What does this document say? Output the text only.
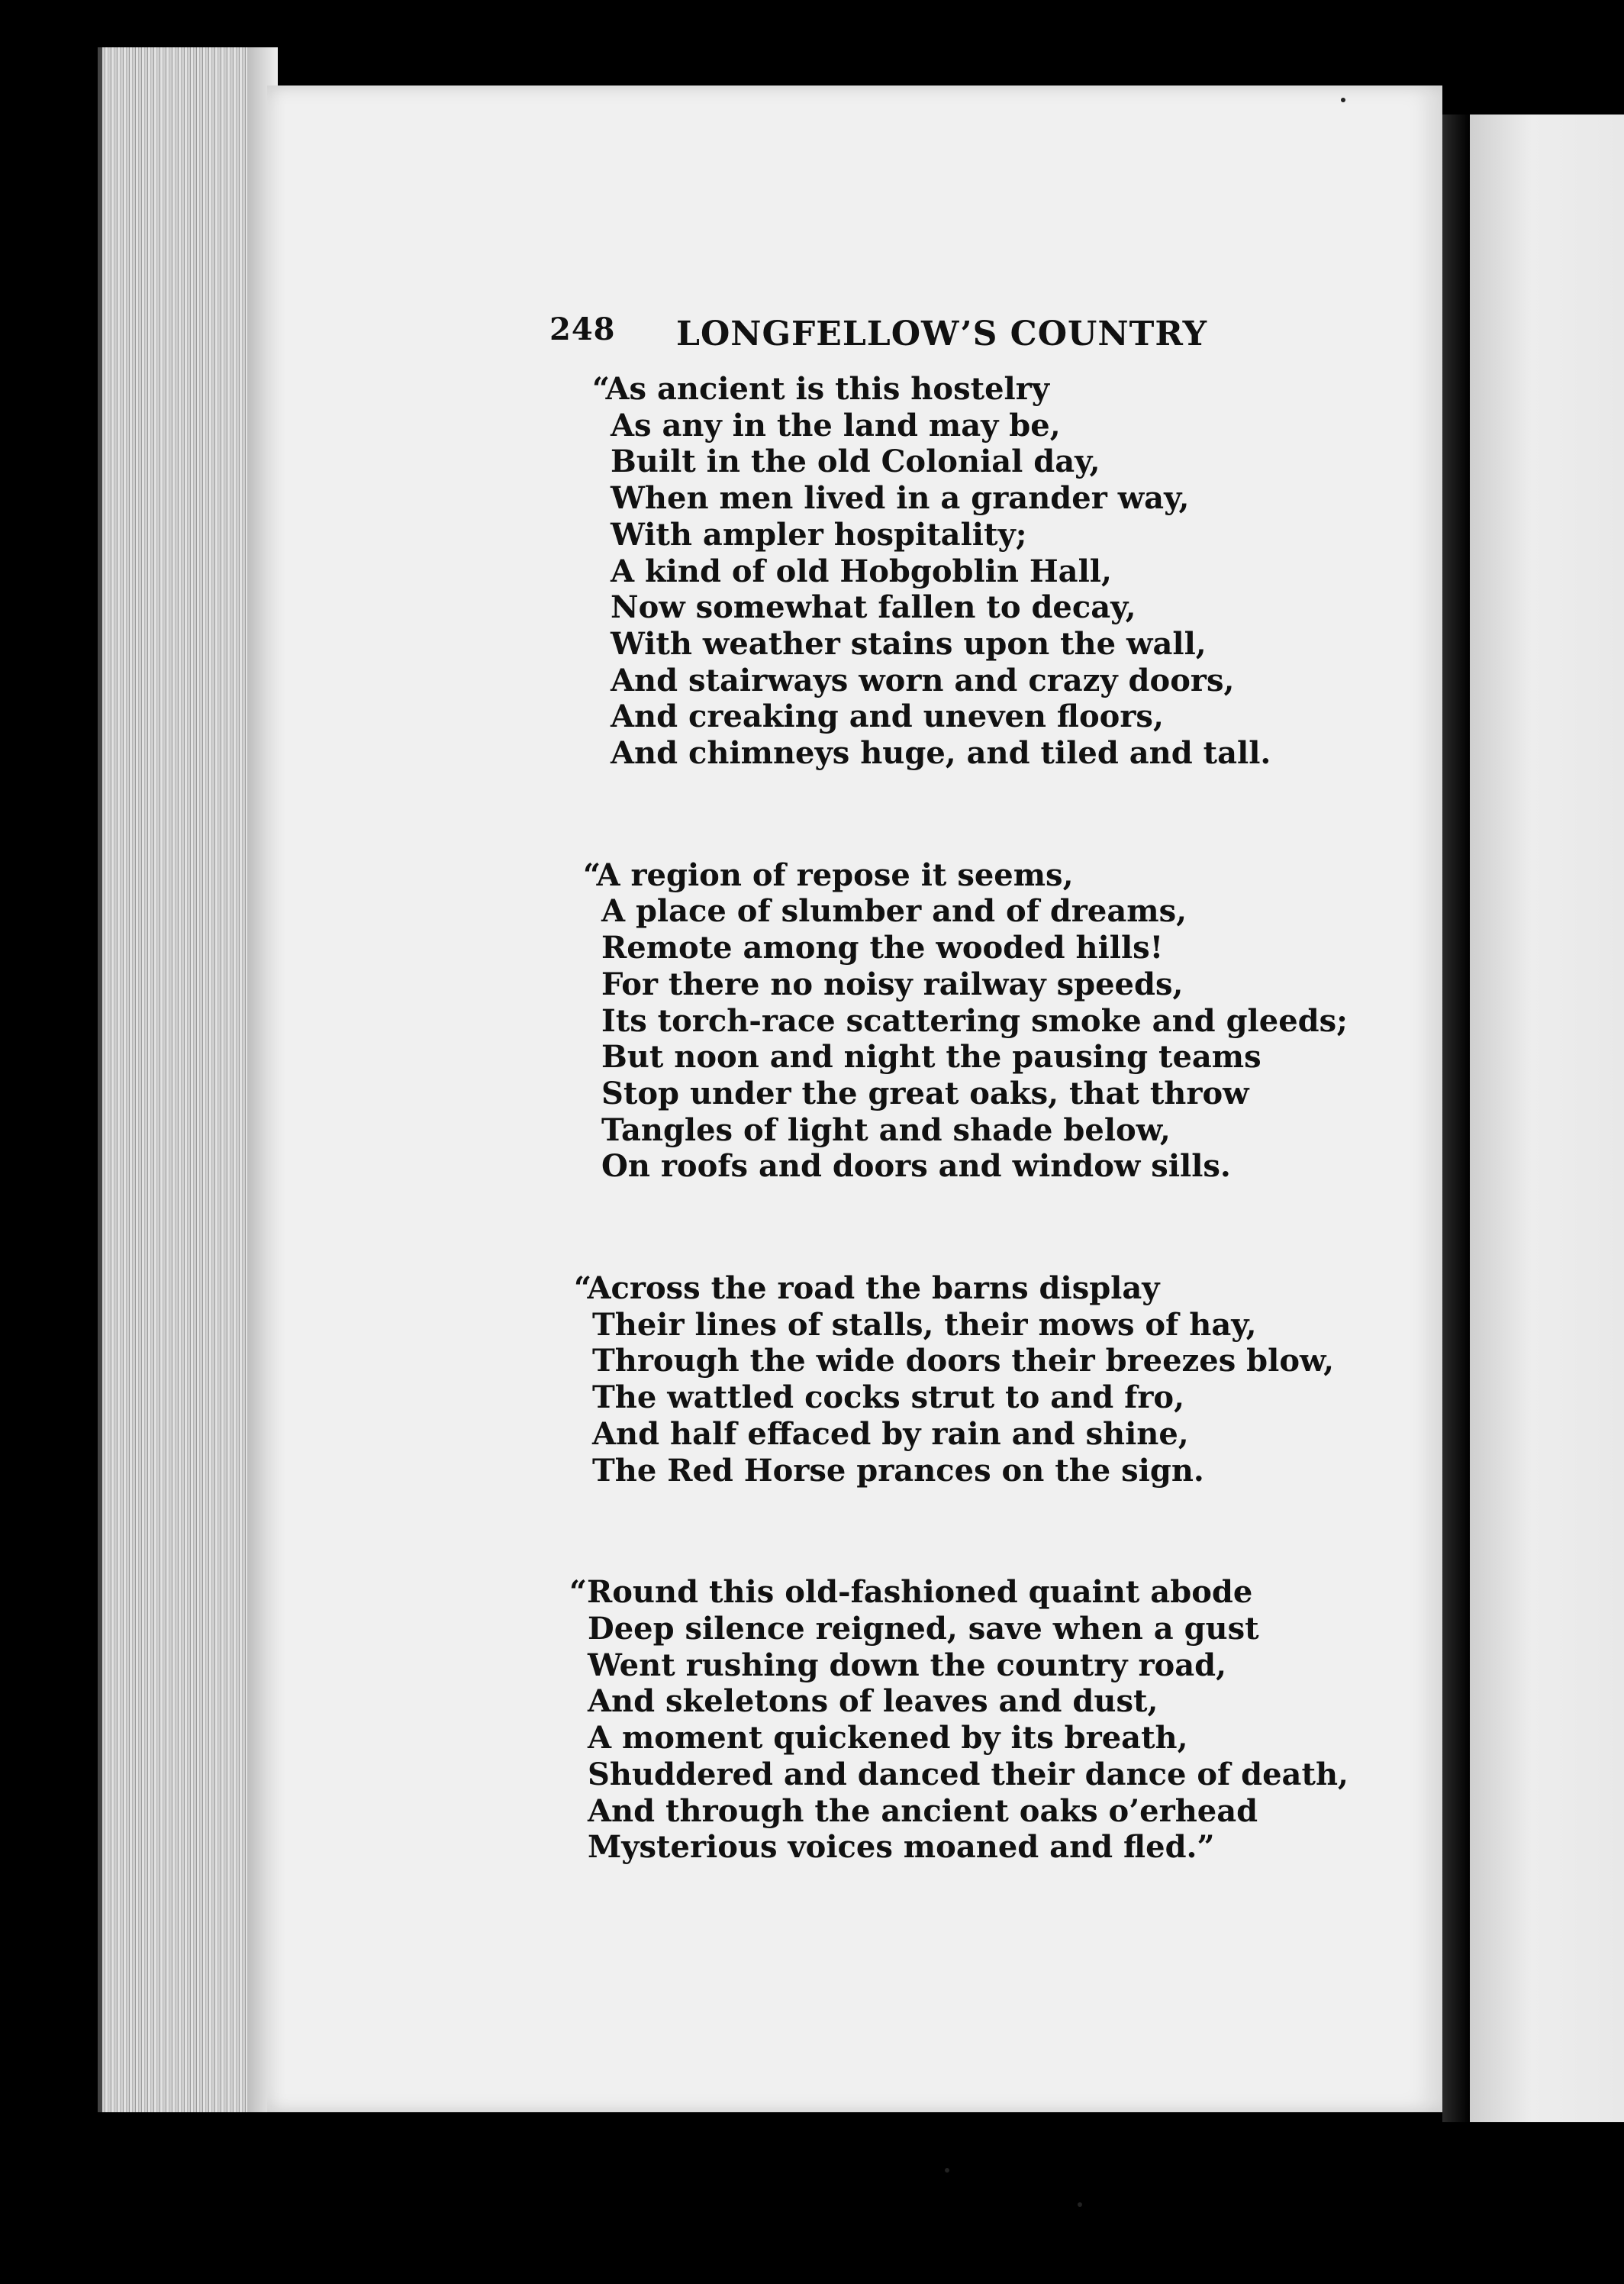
248 LONGFELLOW’S COUNTRY
“As ancient is this hostelry
As any in the land may be,
Built in the old Colonial day,
When men lived in a grander way,
With ampler hospitality;
A kind of old Hobgoblin Hall,
Now somewhat fallen to decay,
With weather stains upon the wall,
And stairways worn and crazy doors,
And creaking and uneven floors,
And chimneys huge, and tiled and tall.
“A region of repose it seems,
A place of slumber and of dreams,
Remote among the wooded hills!
For there no noisy railway speeds,
Its torch-race scattering smoke and gleeds;
But noon and night the pausing teams
Stop under the great oaks, that throw
Tangles of light and shade below,
On roofs and doors and window sills.
“Across the road the barns display
Their lines of stalls, their mows of hay,
Through the wide doors their breezes blow,
The wattled cocks strut to and fro,
And half effaced by rain and shine,
The Red Horse prances on the sign.
“Round this old-fashioned quaint abode
Deep silence reigned, save when a gust
Went rushing down the country road,
And skeletons of leaves and dust,
A moment quickened by its breath,
Shuddered and danced their dance of death,
And through the ancient oaks o’erhead
Mysterious voices moaned and fled.”
